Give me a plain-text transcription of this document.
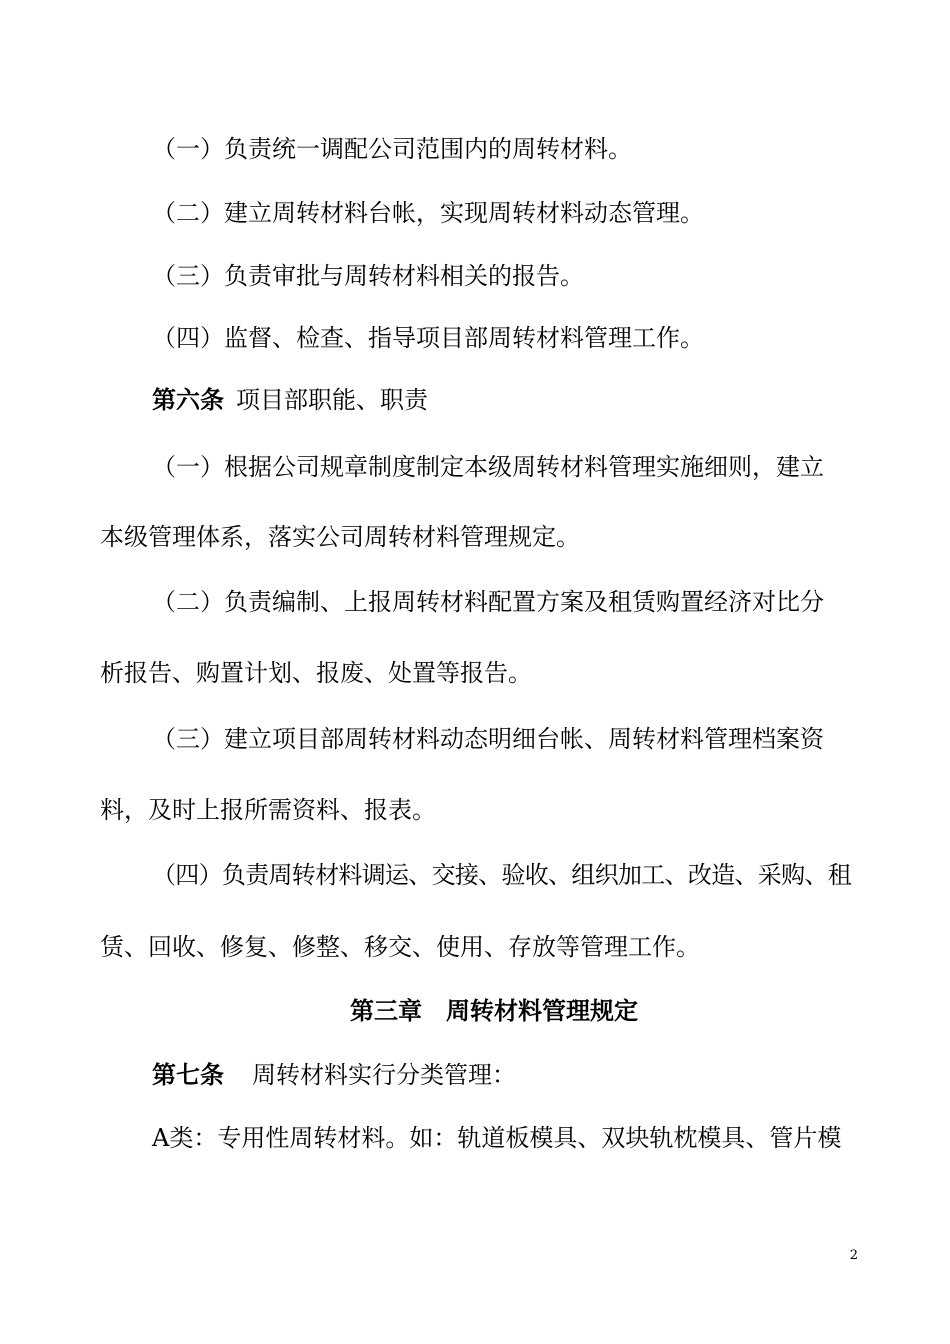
（一）负责统一调配公司范围内的周转材料。
（二）建立周转材料台帐，实现周转材料动态管理。
（三）负责审批与周转材料相关的报告。
（四）监督、检查、指导项目部周转材料管理工作。
第六条 项目部职能、职责
（一）根据公司规章制度制定本级周转材料管理实施细则，建立
本级管理体系，落实公司周转材料管理规定。
（二）负责编制、上报周转材料配置方案及租赁购置经济对比分
析报告、购置计划、报废、处置等报告。
（三）建立项目部周转材料动态明细台帐、周转材料管理档案资
料，及时上报所需资料、报表。
（四）负责周转材料调运、交接、验收、组织加工、改造、采购、租
赁、回收、修复、修整、移交、使用、存放等管理工作。
第三章　周转材料管理规定
第七条 周转材料实行分类管理：
A类：专用性周转材料。如：轨道板模具、双块轨枕模具、管片模
2
